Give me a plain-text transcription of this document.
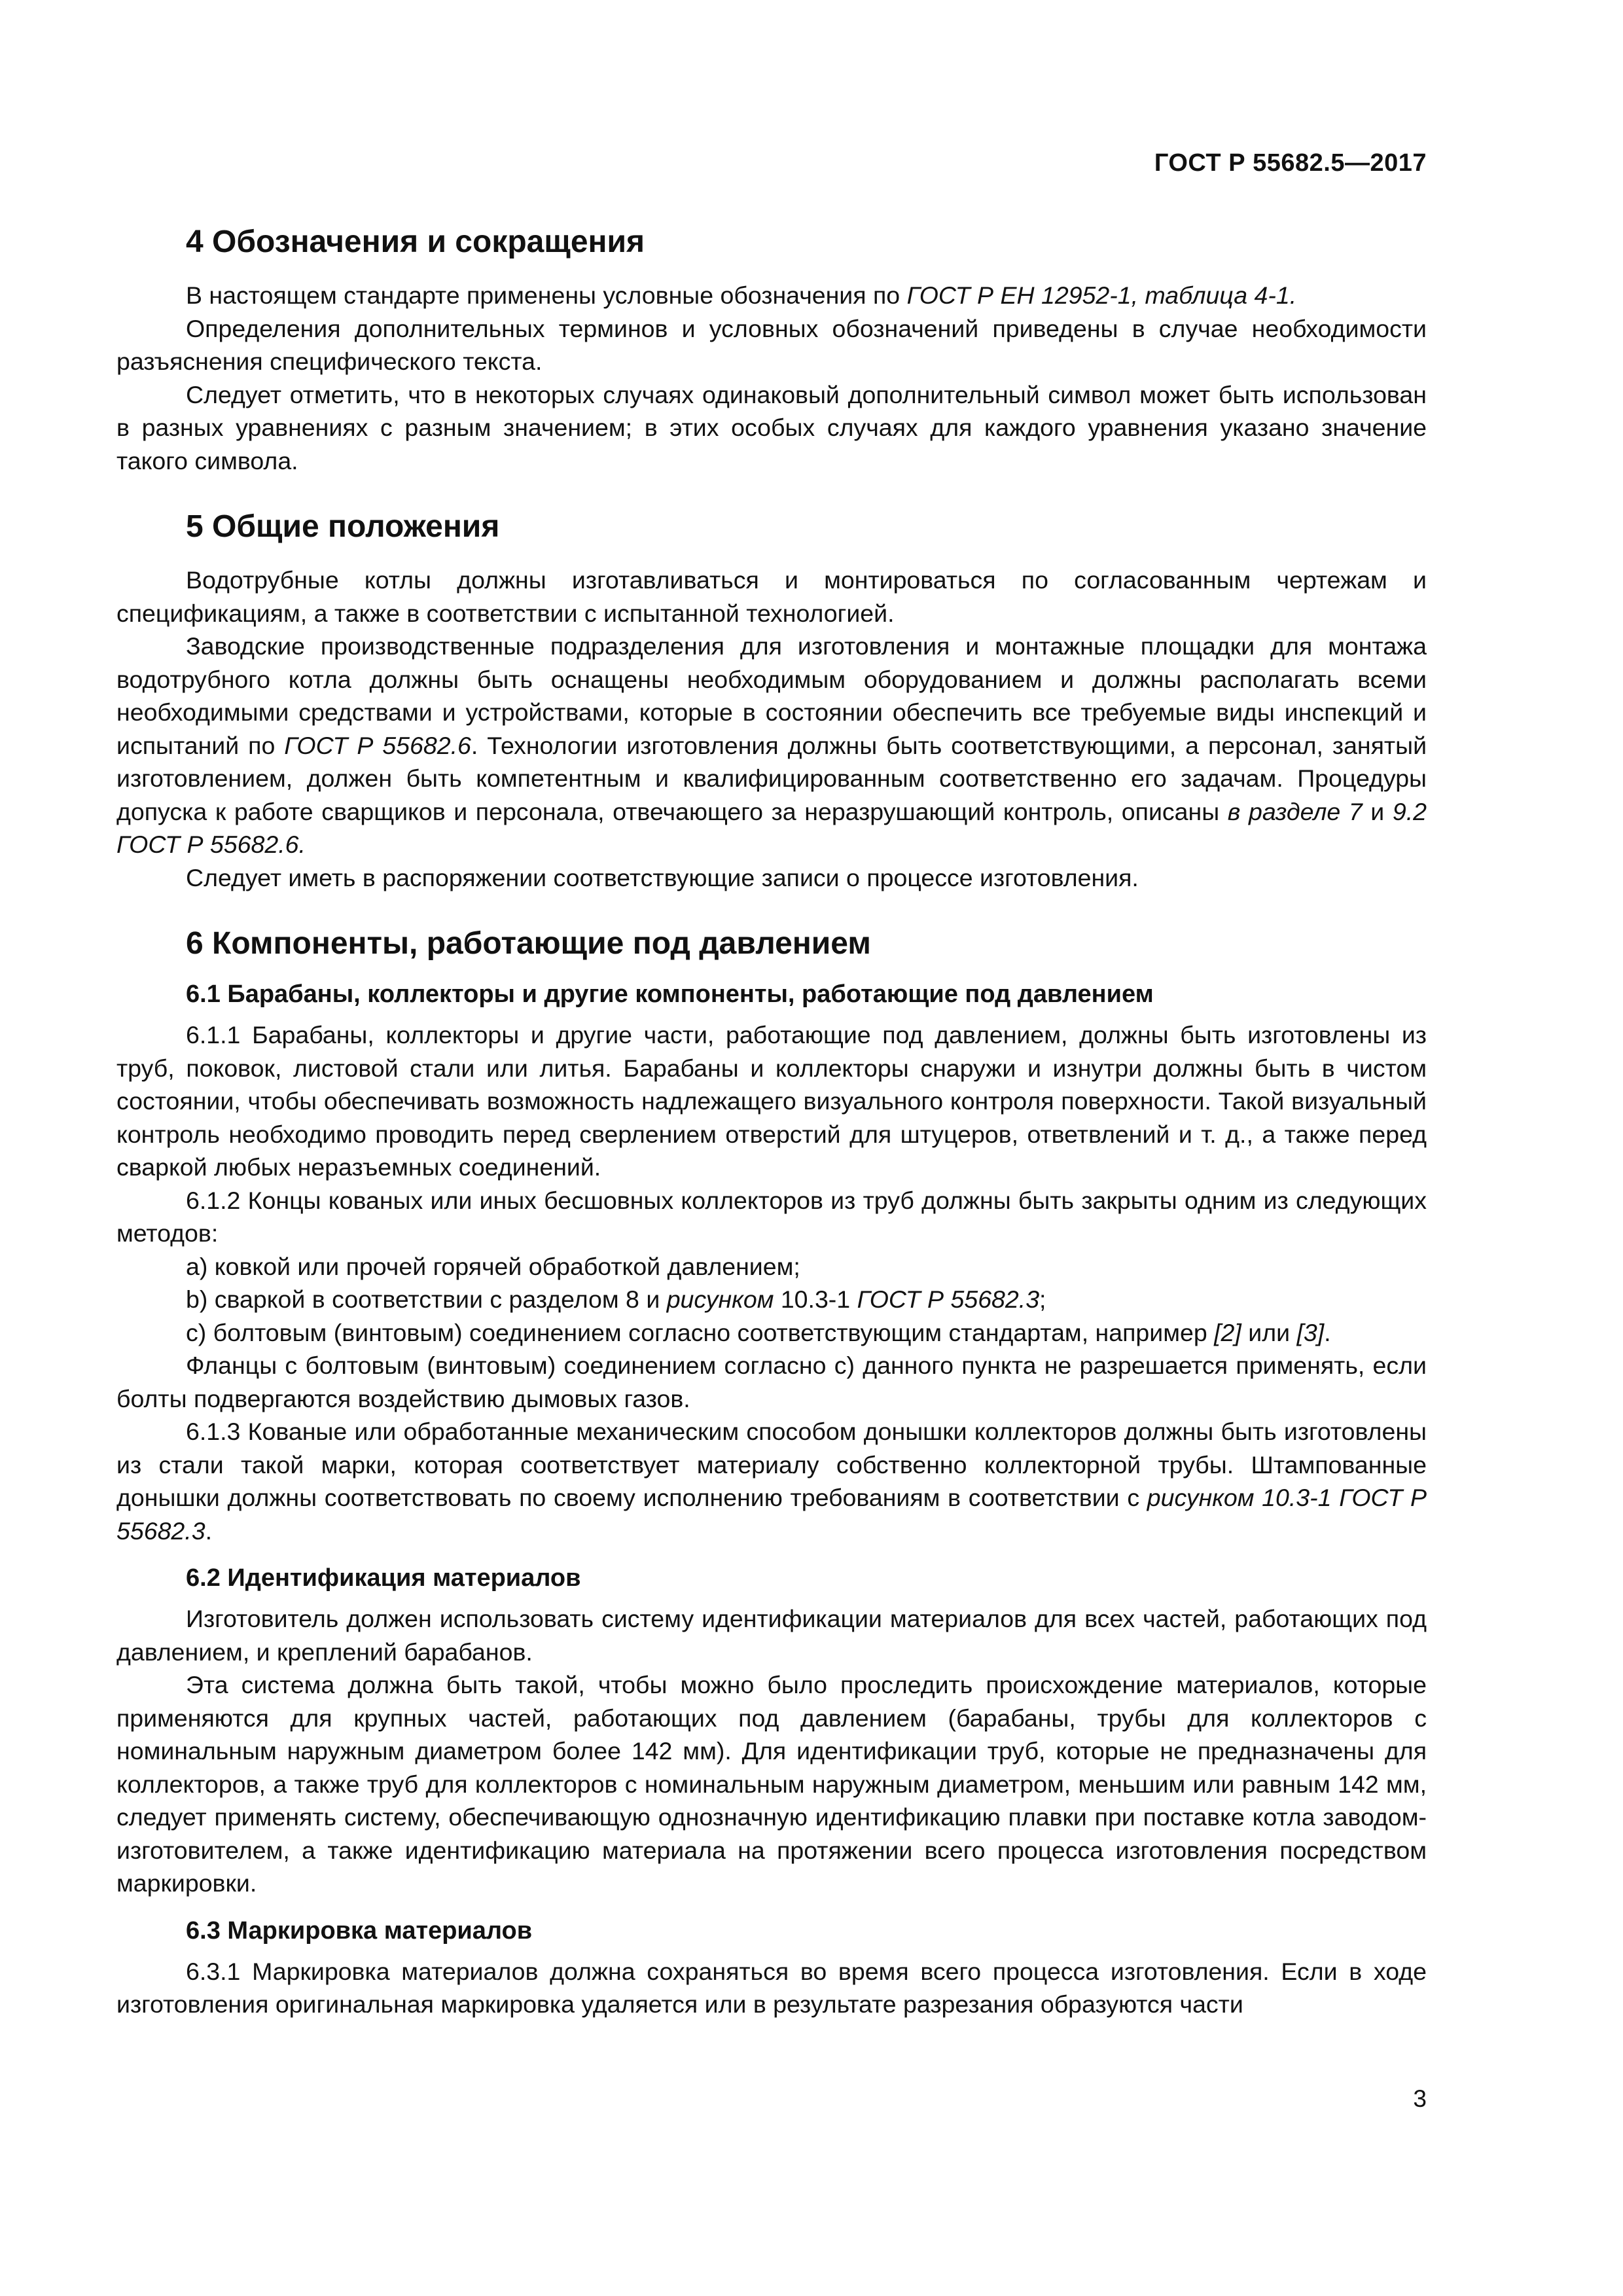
ГОСТ Р 55682.5—2017
4 Обозначения и сокращения

В настоящем стандарте применены условные обозначения по ГОСТ Р ЕН 12952-1, таблица 4-1.

Определения дополнительных терминов и условных обозначений приведены в случае необходимости разъяснения специфического текста.

Следует отметить, что в некоторых случаях одинаковый дополнительный символ может быть использован в разных уравнениях с разным значением; в этих особых случаях для каждого уравнения указано значение такого символа.

5 Общие положения

Водотрубные котлы должны изготавливаться и монтироваться по согласованным чертежам и спецификациям, а также в соответствии с испытанной технологией.

Заводские производственные подразделения для изготовления и монтажные площадки для монтажа водотрубного котла должны быть оснащены необходимым оборудованием и должны располагать всеми необходимыми средствами и устройствами, которые в состоянии обеспечить все требуемые виды инспекций и испытаний по ГОСТ Р 55682.6. Технологии изготовления должны быть соответствующими, а персонал, занятый изготовлением, должен быть компетентным и квалифицированным соответственно его задачам. Процедуры допуска к работе сварщиков и персонала, отвечающего за неразрушающий контроль, описаны в разделе 7 и 9.2 ГОСТ Р 55682.6.

Следует иметь в распоряжении соответствующие записи о процессе изготовления.

6 Компоненты, работающие под давлением
6.1 Барабаны, коллекторы и другие компоненты, работающие под давлением

6.1.1 Барабаны, коллекторы и другие части, работающие под давлением, должны быть изготовлены из труб, поковок, листовой стали или литья. Барабаны и коллекторы снаружи и изнутри должны быть в чистом состоянии, чтобы обеспечивать возможность надлежащего визуального контроля поверхности. Такой визуальный контроль необходимо проводить перед сверлением отверстий для штуцеров, ответвлений и т. д., а также перед сваркой любых неразъемных соединений.

6.1.2 Концы кованых или иных бесшовных коллекторов из труб должны быть закрыты одним из следующих методов:

а) ковкой или прочей горячей обработкой давлением;

b) сваркой в соответствии с разделом 8 и рисунком 10.3-1 ГОСТ Р 55682.3;

с) болтовым (винтовым) соединением согласно соответствующим стандартам, например [2] или [3].

Фланцы с болтовым (винтовым) соединением согласно с) данного пункта не разрешается применять, если болты подвергаются воздействию дымовых газов.

6.1.3 Кованые или обработанные механическим способом донышки коллекторов должны быть изготовлены из стали такой марки, которая соответствует материалу собственно коллекторной трубы. Штампованные донышки должны соответствовать по своему исполнению требованиям в соответствии с рисунком 10.3-1 ГОСТ Р 55682.3.

6.2 Идентификация материалов

Изготовитель должен использовать систему идентификации материалов для всех частей, работающих под давлением, и креплений барабанов.

Эта система должна быть такой, чтобы можно было проследить происхождение материалов, которые применяются для крупных частей, работающих под давлением (барабаны, трубы для коллекторов с номинальным наружным диаметром более 142 мм). Для идентификации труб, которые не предназначены для коллекторов, а также труб для коллекторов с номинальным наружным диаметром, меньшим или равным 142 мм, следует применять систему, обеспечивающую однозначную идентификацию плавки при поставке котла заводом-изготовителем, а также идентификацию материала на протяжении всего процесса изготовления посредством маркировки.

6.3 Маркировка материалов

6.3.1 Маркировка материалов должна сохраняться во время всего процесса изготовления. Если в ходе изготовления оригинальная маркировка удаляется или в результате разрезания образуются части

3
